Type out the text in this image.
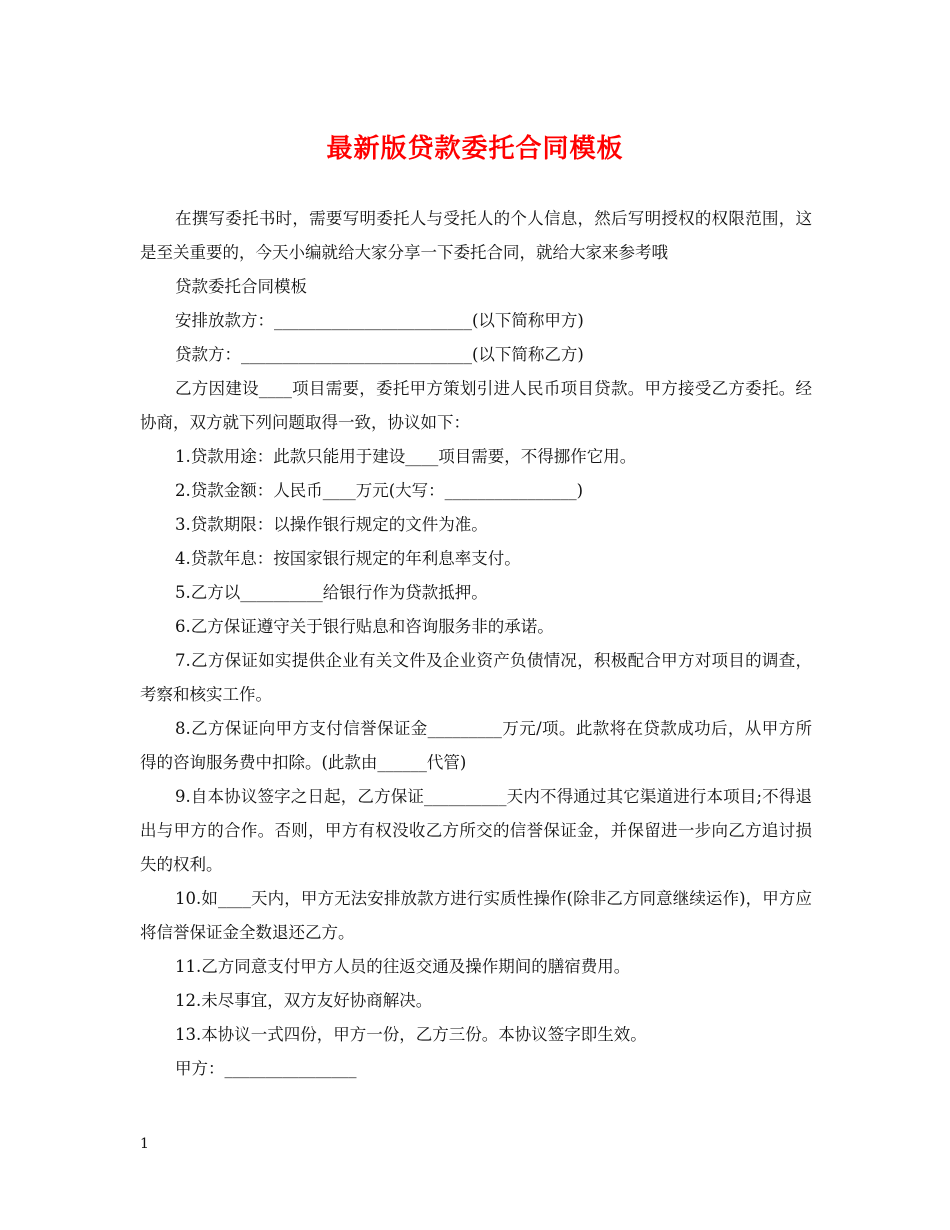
最新版贷款委托合同模板

在撰写委托书时，需要写明委托人与受托人的个人信息，然后写明授权的权限范围，这是至关重要的，今天小编就给大家分享一下委托合同，就给大家来参考哦

贷款委托合同模板

安排放款方：________________________(以下简称甲方)

贷款方：____________________________(以下简称乙方)

乙方因建设____项目需要，委托甲方策划引进人民币项目贷款。甲方接受乙方委托。经协商，双方就下列问题取得一致，协议如下：

1.贷款用途：此款只能用于建设____项目需要，不得挪作它用。

2.贷款金额：人民币____万元(大写：________________)

3.贷款期限：以操作银行规定的文件为准。

4.贷款年息：按国家银行规定的年利息率支付。

5.乙方以__________给银行作为贷款抵押。

6.乙方保证遵守关于银行贴息和咨询服务非的承诺。

7.乙方保证如实提供企业有关文件及企业资产负债情况，积极配合甲方对项目的调查，考察和核实工作。

8.乙方保证向甲方支付信誉保证金_________万元/项。此款将在贷款成功后，从甲方所得的咨询服务费中扣除。(此款由______代管)

9.自本协议签字之日起，乙方保证__________天内不得通过其它渠道进行本项目;不得退出与甲方的合作。否则，甲方有权没收乙方所交的信誉保证金，并保留进一步向乙方追讨损失的权利。

10.如____天内，甲方无法安排放款方进行实质性操作(除非乙方同意继续运作)，甲方应将信誉保证金全数退还乙方。

11.乙方同意支付甲方人员的往返交通及操作期间的膳宿费用。

12.未尽事宜，双方友好协商解决。

13.本协议一式四份，甲方一份，乙方三份。本协议签字即生效。

甲方：________________

1
